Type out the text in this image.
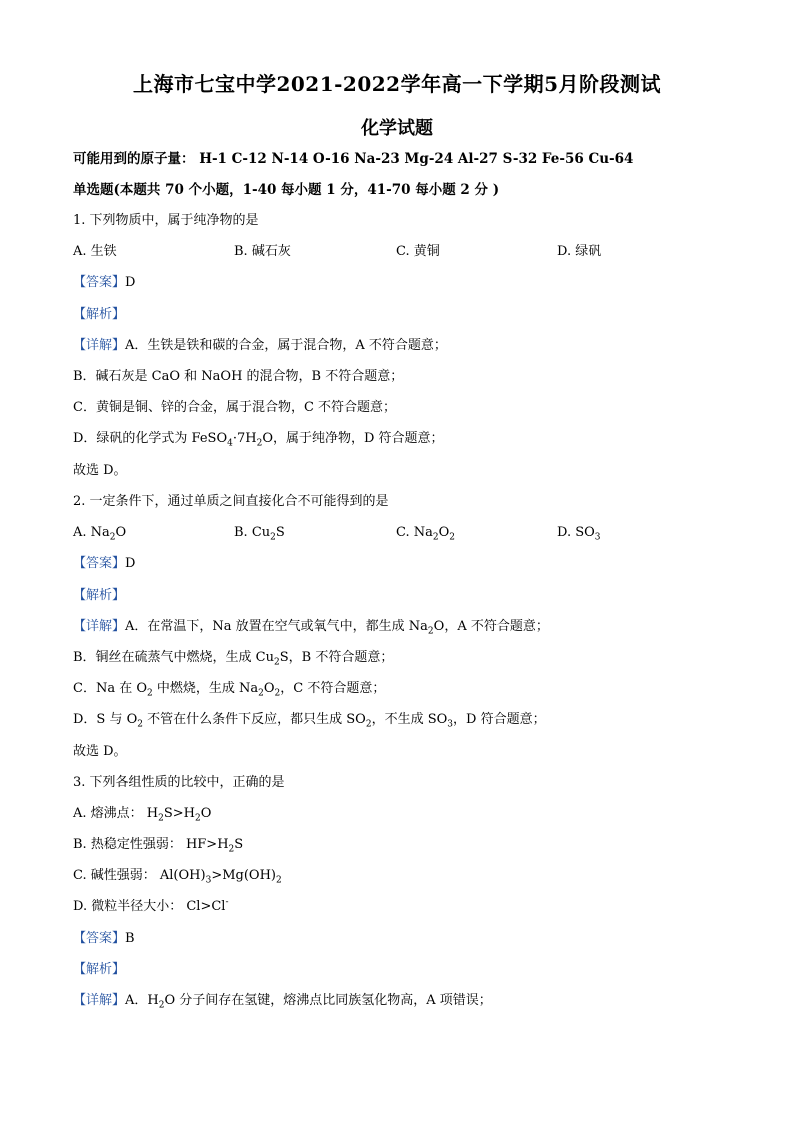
上海市七宝中学2021-2022学年高一下学期5月阶段测试
化学试题
可能用到的原子量： H-1 C-12 N-14 O-16 Na-23 Mg-24 Al-27 S-32 Fe-56 Cu-64
单选题(本题共 70 个小题，1-40 每小题 1 分，41-70 每小题 2 分 )
1. 下列物质中，属于纯净物的是
A. 生铁	B. 碱石灰	C. 黄铜	D. 绿矾
【答案】D
【解析】
【详解】A．生铁是铁和碳的合金，属于混合物，A 不符合题意；
B．碱石灰是 CaO 和 NaOH 的混合物，B 不符合题意；
C．黄铜是铜、锌的合金，属于混合物，C 不符合题意；
D．绿矾的化学式为 $FeSO_4\cdot 7H_2O$，属于纯净物，D 符合题意；
故选 D。
2. 一定条件下，通过单质之间直接化合不可能得到的是
A. $Na_2O$	B. $Cu_2S$	C. $Na_2O_2$	D. $SO_3$
【答案】D
【解析】
【详解】A．在常温下，Na 放置在空气或氧气中，都生成 $Na_2O$，A 不符合题意；
B．铜丝在硫蒸气中燃烧，生成 $Cu_2S$，B 不符合题意；
C．Na 在 $O_2$ 中燃烧，生成 $Na_2O_2$，C 不符合题意；
D．S 与 $O_2$ 不管在什么条件下反应，都只生成 $SO_2$，不生成 $SO_3$，D 符合题意；
故选 D。
3. 下列各组性质的比较中，正确的是
A. 熔沸点： $H_2S>H_2O$
B. 热稳定性强弱： $HF>H_2S$
C. 碱性强弱： $Al(OH)_3>Mg(OH)_2$
D. 微粒半径大小： Cl>Cl-
【答案】B
【解析】
【详解】A．$H_2O$ 分子间存在氢键，熔沸点比同族氢化物高，A 项错误；
